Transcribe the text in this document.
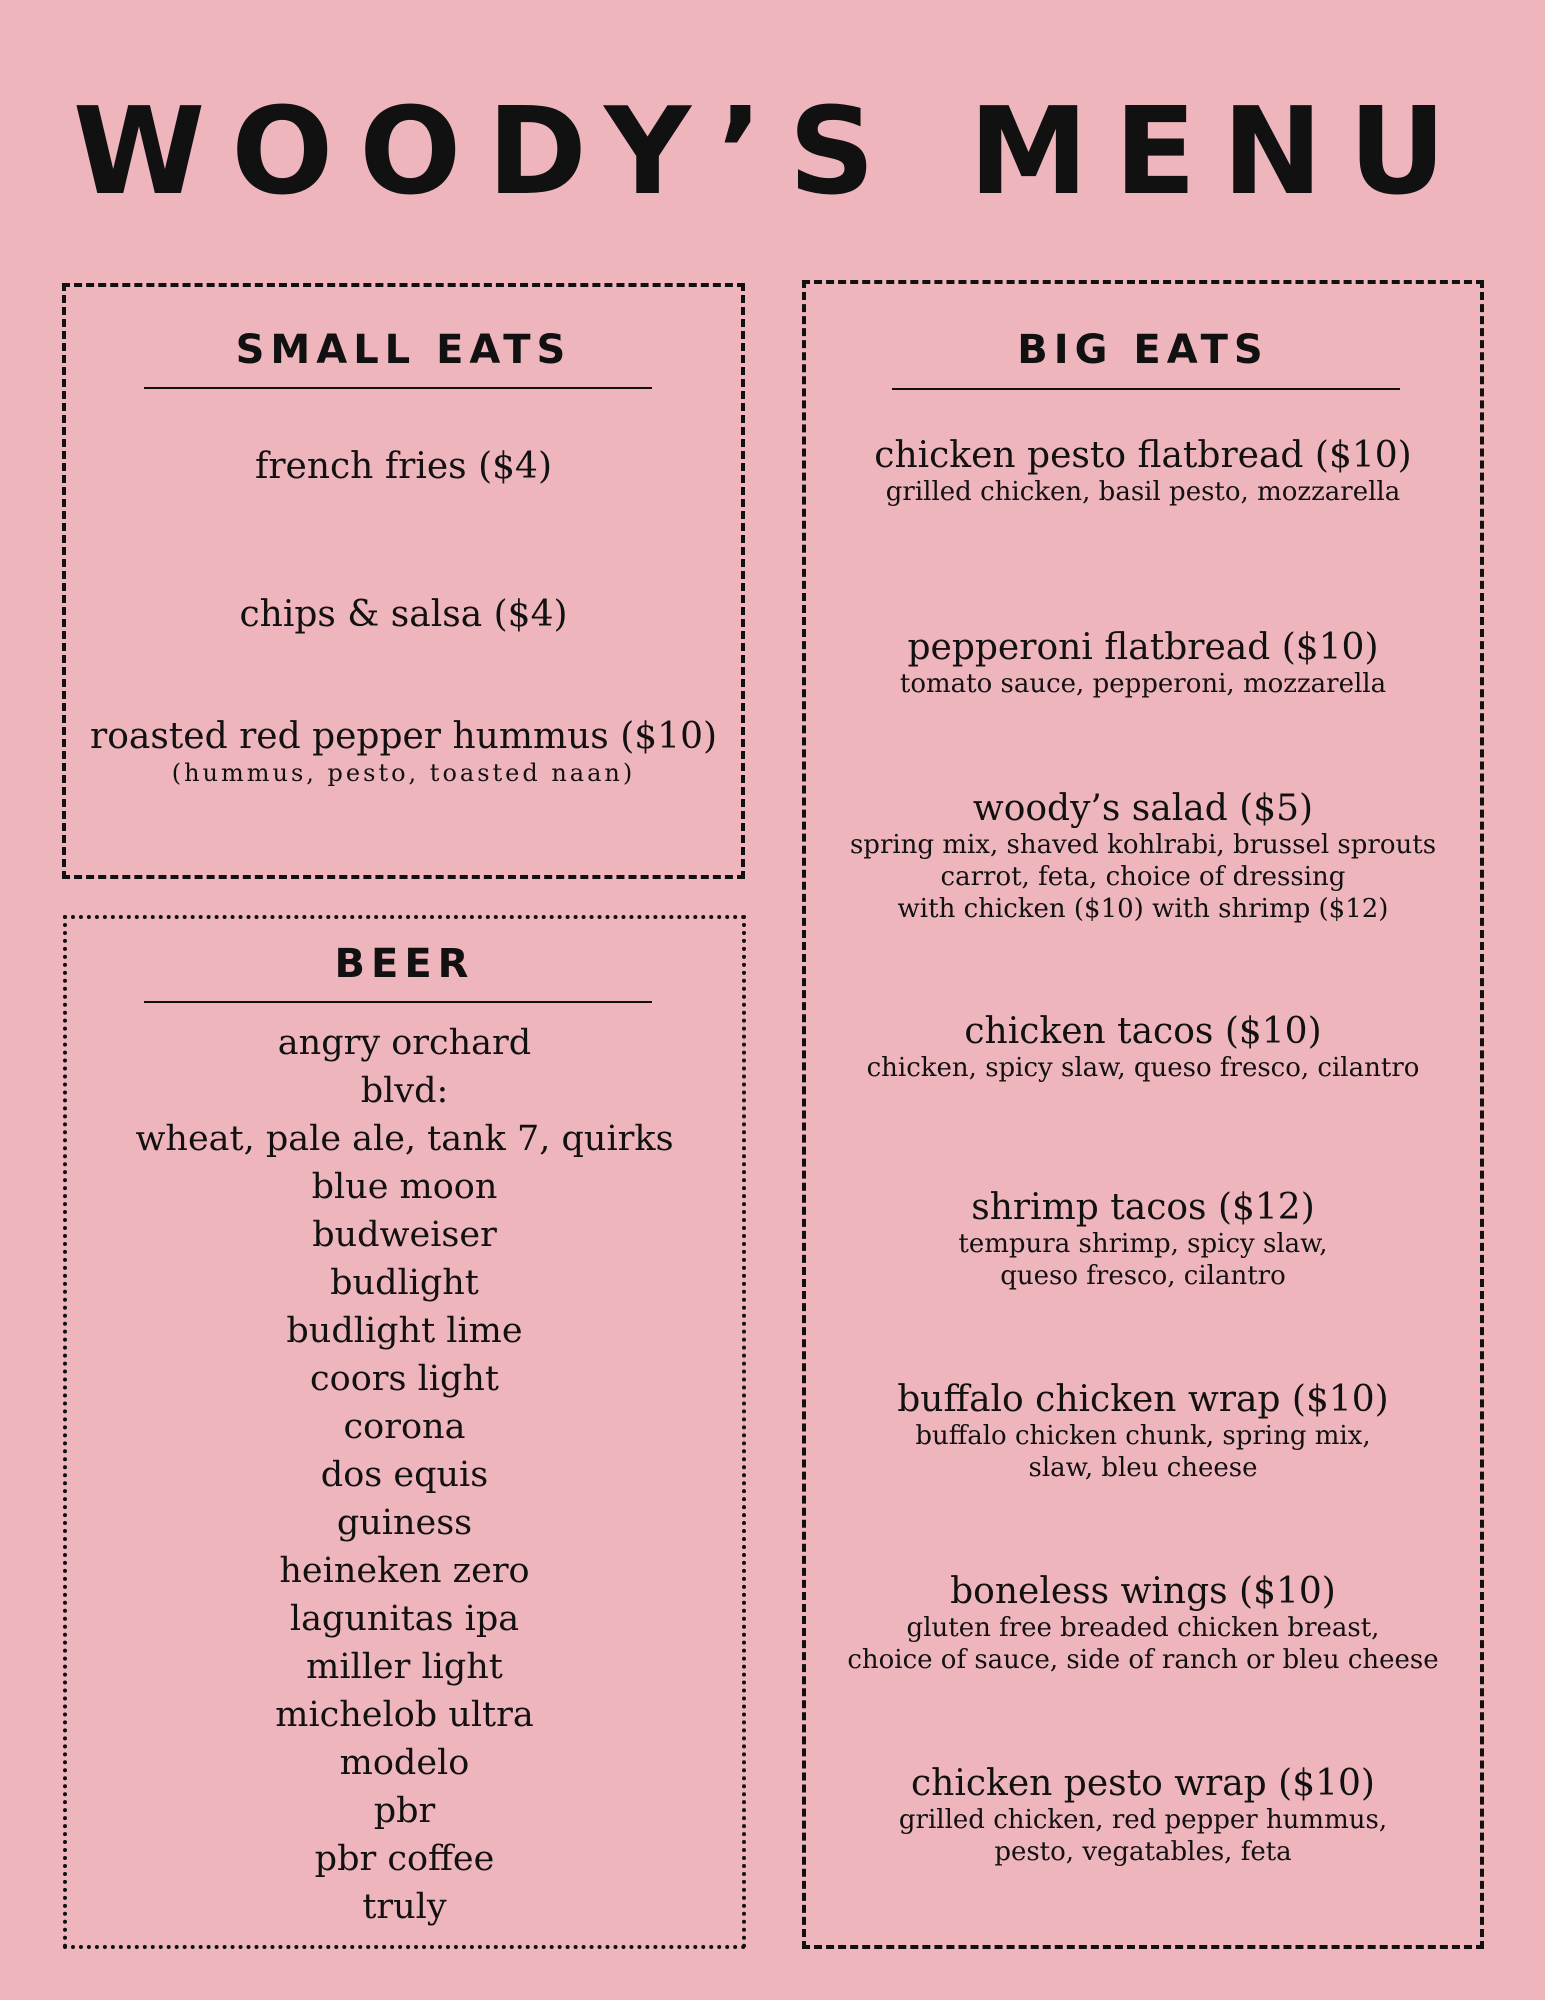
WOODY’S MENU
SMALL EATS
french fries ($4)
chips & salsa ($4)
roasted red pepper hummus ($10)
(hummus, pesto, toasted naan)
BEER
angry orchard
blvd:
wheat, pale ale, tank 7, quirks
blue moon
budweiser
budlight
budlight lime
coors light
corona
dos equis
guiness
heineken zero
lagunitas ipa
miller light
michelob ultra
modelo
pbr
pbr coffee
truly
BIG EATS
chicken pesto flatbread ($10)
grilled chicken, basil pesto, mozzarella
pepperoni flatbread ($10)
tomato sauce, pepperoni, mozzarella
woody’s salad ($5)
spring mix, shaved kohlrabi, brussel sprouts
carrot, feta, choice of dressing
with chicken ($10) with shrimp ($12)
chicken tacos ($10)
chicken, spicy slaw, queso fresco, cilantro
shrimp tacos ($12)
tempura shrimp, spicy slaw,
queso fresco, cilantro
buffalo chicken wrap ($10)
buffalo chicken chunk, spring mix,
slaw, bleu cheese
boneless wings ($10)
gluten free breaded chicken breast,
choice of sauce, side of ranch or bleu cheese
chicken pesto wrap ($10)
grilled chicken, red pepper hummus,
pesto, vegatables, feta
